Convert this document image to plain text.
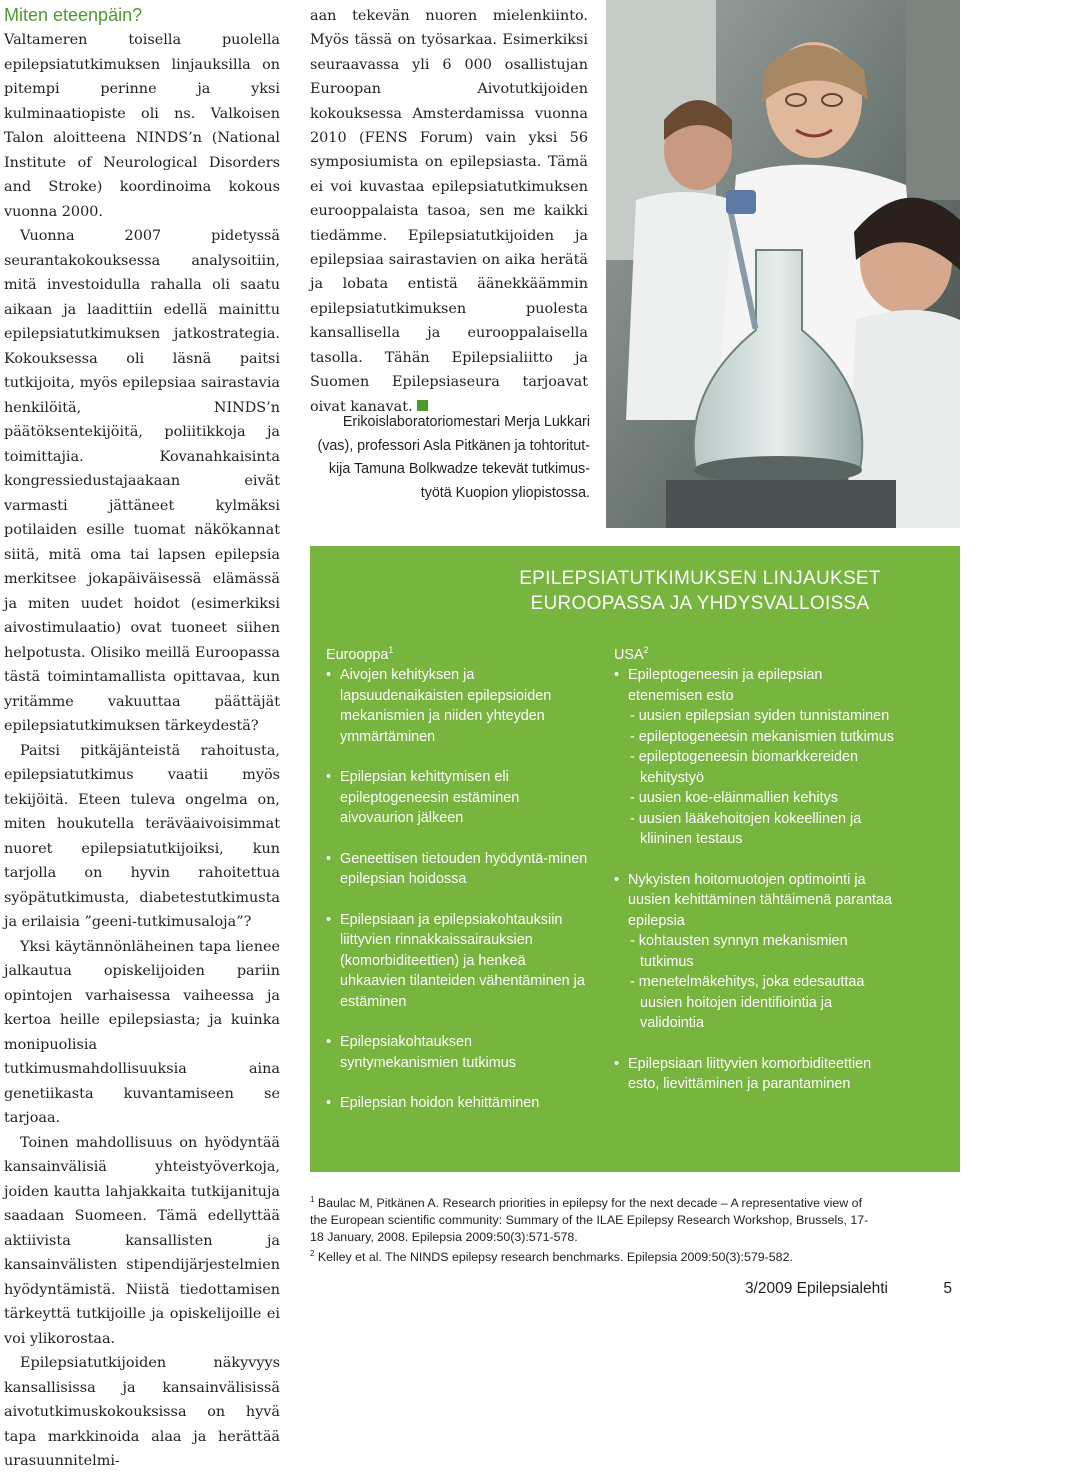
Miten eteenpäin?

Valtameren toisella puolella epilepsiatutkimuksen linjauksilla on pitempi perinne ja yksi kulminaatiopiste oli ns. Valkoisen Talon aloitteena NINDS’n (National Institute of Neurological Disorders and Stroke) koordinoima kokous vuonna 2000.

Vuonna 2007 pidetyssä seurantakokouksessa analysoitiin, mitä investoidulla rahalla oli saatu aikaan ja laadittiin edellä mainittu epilepsiatutkimuksen jatkostrategia. Kokouksessa oli läsnä paitsi tutkijoita, myös epilepsiaa sairastavia henkilöitä, NINDS’n päätöksentekijöitä, poliitikkoja ja toimittajia. Kovanahkaisinta kongressiedustajaakaan eivät varmasti jättäneet kylmäksi potilaiden esille tuomat näkökannat siitä, mitä oma tai lapsen epilepsia merkitsee jokapäiväisessä elämässä ja miten uudet hoidot (esimerkiksi aivostimulaatio) ovat tuoneet siihen helpotusta. Olisiko meillä Euroopassa tästä toimintamallista opittavaa, kun yritämme vakuuttaa päättäjät epilepsiatutkimuksen tärkeydestä?

Paitsi pitkäjänteistä rahoitusta, epilepsiatutkimus vaatii myös tekijöitä. Eteen tuleva ongelma on, miten houkutella teräväaivoisimmat nuoret epilepsiatutkijoiksi, kun tarjolla on hyvin rahoitettua syöpätutkimusta, diabetestutkimusta ja erilaisia ”geeni-tutkimusaloja”?

Yksi käytännönläheinen tapa lienee jalkautua opiskelijoiden pariin opintojen varhaisessa vaiheessa ja kertoa heille epilepsiasta; ja kuinka monipuolisia tutkimusmahdollisuuksia aina genetiikasta kuvantamiseen se tarjoaa.

Toinen mahdollisuus on hyödyntää kansainvälisiä yhteistyöverkoja, joiden kautta lahjakkaita tutkijanituja saadaan Suomeen. Tämä edellyttää aktiivista kansallisten ja kansainvälisten stipendijärjestelmien hyödyntämistä. Niistä tiedottamisen tärkeyttä tutkijoille ja opiskelijoille ei voi ylikorostaa.

Epilepsiatutkijoiden näkyvyys kansallisissa ja kansainvälisissä aivotutkimuskokouksissa on hyvä tapa markkinoida alaa ja herättää urasuunnitelmi-

aan tekevän nuoren mielenkiinto. Myös tässä on työsarkaa. Esimerkiksi seuraavassa yli 6 000 osallistujan Euroopan Aivotutkijoiden kokouksessa Amsterdamissa vuonna 2010 (FENS Forum) vain yksi 56 symposiumista on epilepsiasta. Tämä ei voi kuvastaa epilepsiatutkimuksen eurooppalaista tasoa, sen me kaikki tiedämme. Epilepsiatutkijoiden ja epilepsiaa sairastavien on aika herätä ja lobata entistä äänekkäämmin epilepsiatutkimuksen puolesta kansallisella ja eurooppalaisella tasolla. Tähän Epilepsialiitto ja Suomen Epilepsiaseura tarjoavat oivat kanavat.

Erikoislaboratoriomestari Merja Lukkari
(vas), professori Asla Pitkänen ja tohtoritut-
kija Tamuna Bolkwadze tekevät tutkimus-
työtä Kuopion yliopistossa.
EPILEPSIATUTKIMUKSEN LINJAUKSET
EUROOPASSA JA YHDYSVALLOISSA
Eurooppa$^1$
• Aivojen kehityksen ja lapsuudenaikaisten epilepsioiden mekanismien ja niiden yhteyden ymmärtäminen
• Epilepsian kehittymisen eli epileptogeneesin estäminen aivovaurion jälkeen
• Geneettisen tietouden hyödyntä-minen epilepsian hoidossa
• Epilepsiaan ja epilepsiakohtauksiin liittyvien rinnakkaissairauksien (komorbiditeettien) ja henkeä uhkaavien tilanteiden vähentäminen ja estäminen
• Epilepsiakohtauksen syntymekanismien tutkimus
• Epilepsian hoidon kehittäminen
USA$^2$
• Epileptogeneesin ja epilepsian etenemisen esto
- uusien epilepsian syiden tunnistaminen
- epileptogeneesin mekanismien tutkimus
- epileptogeneesin biomarkkereiden kehitystyö
- uusien koe-eläinmallien kehitys
- uusien lääkehoitojen kokeellinen ja kliininen testaus
• Nykyisten hoitomuotojen optimointi ja uusien kehittäminen tähtäimenä parantaa epilepsia
- kohtausten synnyn mekanismien tutkimus
- menetelmäkehitys, joka edesauttaa uusien hoitojen identifiointia ja validointia
• Epilepsiaan liittyvien komorbiditeettien esto, lievittäminen ja parantaminen
$^1$ Baulac M, Pitkänen A. Research priorities in epilepsy for the next decade – A representative view of the European scientific community: Summary of the ILAE Epilepsy Research Workshop, Brussels, 17-18 January, 2008. Epilepsia 2009:50(3):571-578.
$^2$ Kelley et al. The NINDS epilepsy research benchmarks. Epilepsia 2009:50(3):579-582.
3/2009 Epilepsialehti	5
